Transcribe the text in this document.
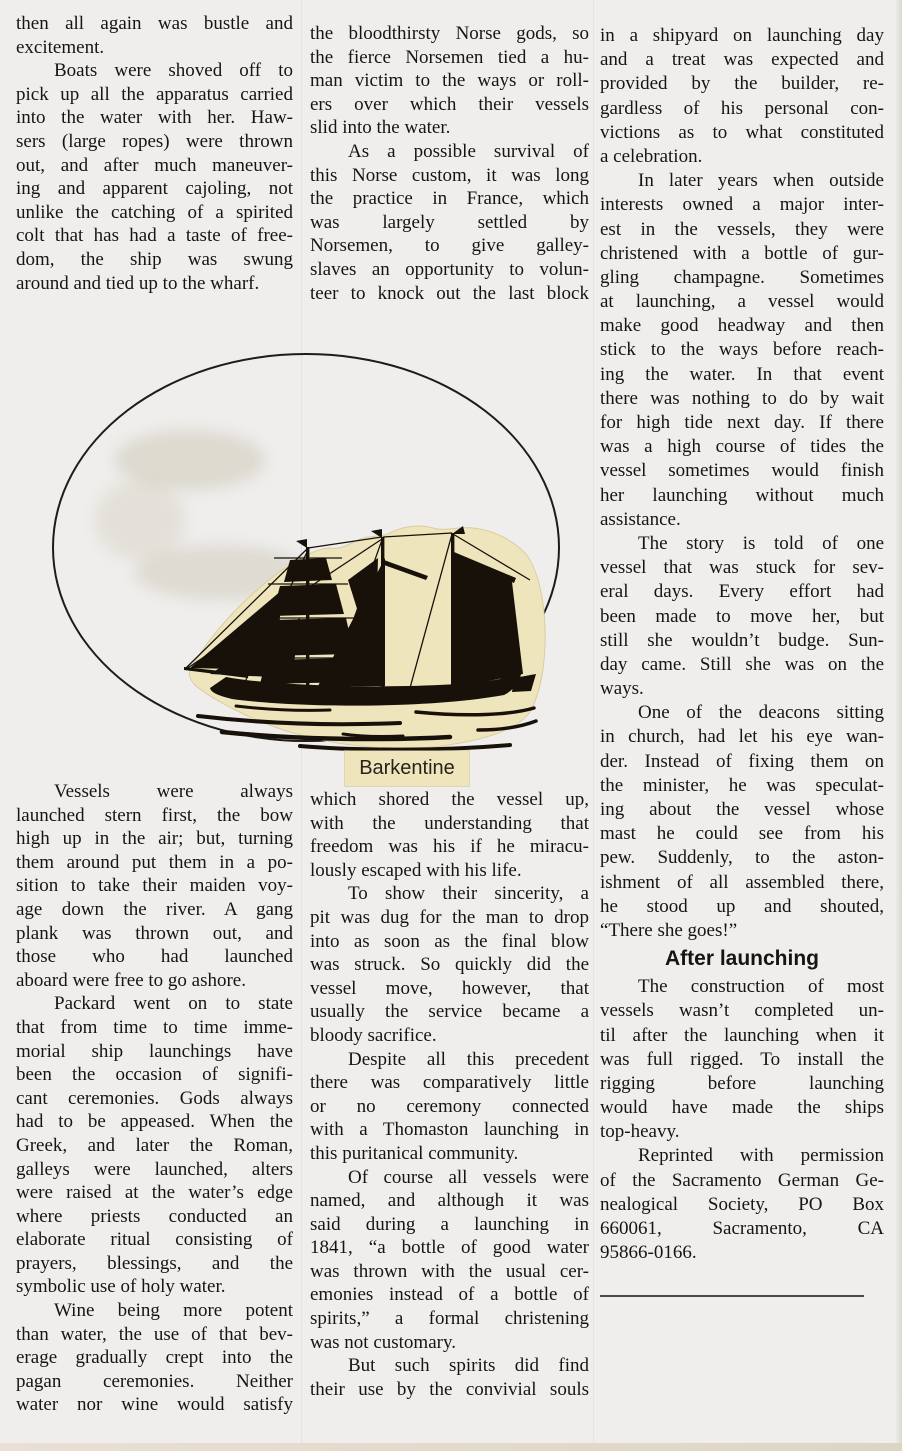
then all again was bustle and
excitement.
Boats were shoved off to
pick up all the apparatus carried
into the water with her. Haw-
sers (large ropes) were thrown
out, and after much maneuver-
ing and apparent cajoling, not
unlike the catching of a spirited
colt that has had a taste of free-
dom, the ship was swung
around and tied up to the wharf.
the bloodthirsty Norse gods, so
the fierce Norsemen tied a hu-
man victim to the ways or roll-
ers over which their vessels
slid into the water.
As a possible survival of
this Norse custom, it was long
the practice in France, which
was largely settled by
Norsemen, to give galley-
slaves an opportunity to volun-
teer to knock out the last block
in a shipyard on launching day
and a treat was expected and
provided by the builder, re-
gardless of his personal con-
victions as to what constituted
a celebration.
In later years when outside
interests owned a major inter-
est in the vessels, they were
christened with a bottle of gur-
gling champagne. Sometimes
at launching, a vessel would
make good headway and then
stick to the ways before reach-
ing the water. In that event
there was nothing to do by wait
for high tide next day. If there
was a high course of tides the
vessel sometimes would finish
her launching without much
assistance.
The story is told of one
vessel that was stuck for sev-
eral days. Every effort had
been made to move her, but
still she wouldn’t budge. Sun-
day came. Still she was on the
ways.
One of the deacons sitting
in church, had let his eye wan-
der. Instead of fixing them on
the minister, he was speculat-
ing about the vessel whose
mast he could see from his
pew. Suddenly, to the aston-
ishment of all assembled there,
he stood up and shouted,
“There she goes!”
After launching
The construction of most
vessels wasn’t completed un-
til after the launching when it
was full rigged. To install the
rigging before launching
would have made the ships
top-heavy.
Reprinted with permission
of the Sacramento German Ge-
nealogical Society, PO Box
660061, Sacramento, CA
95866-0166.
Vessels were always
launched stern first, the bow
high up in the air; but, turning
them around put them in a po-
sition to take their maiden voy-
age down the river. A gang
plank was thrown out, and
those who had launched
aboard were free to go ashore.
Packard went on to state
that from time to time imme-
morial ship launchings have
been the occasion of signifi-
cant ceremonies. Gods always
had to be appeased. When the
Greek, and later the Roman,
galleys were launched, alters
were raised at the water’s edge
where priests conducted an
elaborate ritual consisting of
prayers, blessings, and the
symbolic use of holy water.
Wine being more potent
than water, the use of that bev-
erage gradually crept into the
pagan ceremonies. Neither
water nor wine would satisfy
which shored the vessel up,
with the understanding that
freedom was his if he miracu-
lously escaped with his life.
To show their sincerity, a
pit was dug for the man to drop
into as soon as the final blow
was struck. So quickly did the
vessel move, however, that
usually the service became a
bloody sacrifice.
Despite all this precedent
there was comparatively little
or no ceremony connected
with a Thomaston launching in
this puritanical community.
Of course all vessels were
named, and although it was
said during a launching in
1841, “a bottle of good water
was thrown with the usual cer-
emonies instead of a bottle of
spirits,” a formal christening
was not customary.
But such spirits did find
their use by the convivial souls
Barkentine
